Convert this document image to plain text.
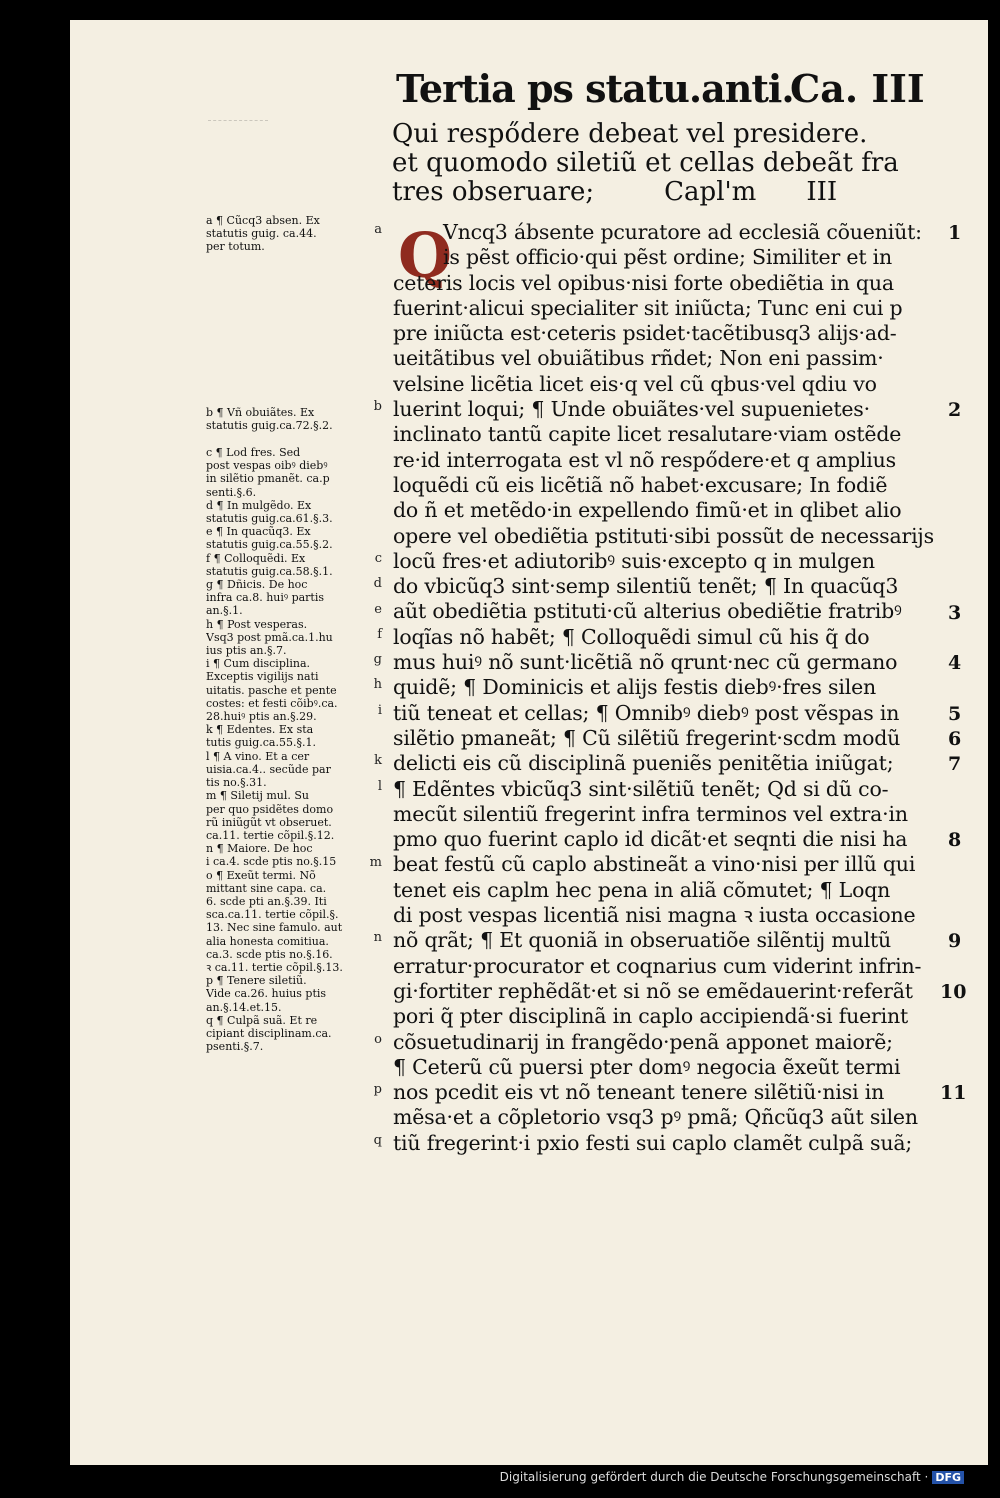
Tertia ps statu.anti.
Ca. III
Qui respődere debeat vel presidere.
et quomodo siletiũ et cellas debeãt fra
tres obseruare;	Capl'm III
Q
Vncq3 ábsente pcuratore ad ecclesiã cõueniũt:
is pẽst officio·qui pẽst ordine; Similiter et in
ceteris locis vel opibus·nisi forte obediẽtia in qua
fuerint·alicui specialiter sit iniũcta; Tunc eni cui p
pre iniũcta est·ceteris psidet·tacẽtibusq3 alijs·ad-
ueitãtibus vel obuiãtibus rñdet; Non eni passim·
velsine licẽtia licet eis·q vel cũ qbus·vel qdiu vo
luerint loqui; ¶ Unde obuiãtes·vel supuenietes·
inclinato tantũ capite licet resalutare·viam ostẽde
re·id interrogata est vl nõ respődere·et q amplius
loquẽdi cũ eis licẽtiã nõ habet·excusare; In fodiẽ
do ñ et metẽdo·in expellendo fimũ·et in qlibet alio
opere vel obediẽtia pstituti·sibi possũt de necessarijs
locũ fres·et adiutoribꝰ suis·excepto q in mulgen
do vbicũq3 sint·semp silentiũ tenẽt; ¶ In quacũq3
aũt obediẽtia pstituti·cũ alterius obediẽtie fratribꝰ
loqĩas nõ habẽt; ¶ Colloquẽdi simul cũ his q̃ do
mus huiꝰ nõ sunt·licẽtiã nõ qrunt·nec cũ germano
quidẽ; ¶ Dominicis et alijs festis diebꝰ·fres silen
tiũ teneat et cellas; ¶ Omnibꝰ diebꝰ post vẽspas in
silẽtio pmaneãt; ¶ Cũ silẽtiũ fregerint·scdm modũ
delicti eis cũ disciplinã pueniẽs penitẽtia iniũgat;
¶ Edẽntes vbicũq3 sint·silẽtiũ tenẽt; Qd si dũ co-
mecũt silentiũ fregerint infra terminos vel extra·in
pmo quo fuerint caplo id dicãt·et seqnti die nisi ha
beat festũ cũ caplo abstineãt a vino·nisi per illũ qui
tenet eis caplm hec pena in aliã cõmutet; ¶ Loqn
di post vespas licentiã nisi magna ꝛ iusta occasione
nõ qrãt; ¶ Et quoniã in obseruatiõe silẽntij multũ
erratur·procurator et coqnarius cum viderint infrin-
gi·fortiter rephẽdãt·et si nõ se emẽdauerint·referãt
pori q̃ pter disciplinã in caplo accipiendã·si fuerint
cõsuetudinarij in frangẽdo·penã apponet maiorẽ;
¶ Ceterũ cũ puersi pter domꝰ negocia ẽxeũt termi
nos pcedit eis vt nõ teneant tenere silẽtiũ·nisi in
mẽsa·et a cõpletorio vsq3 pꝰ pmã; Qñcũq3 aũt silen
tiũ fregerint·i pxio festi sui caplo clamẽt culpã suã;
a ¶ Cũcq3 absen. Ex
statutis guig. ca.44.
per totum.
b ¶ Vñ obuiãtes. Ex
statutis guig.ca.72.§.2.
c ¶ Lod fres. Sed
post vespas oibꝰ diebꝰ
in silẽtio pmanẽt. ca.p
senti.§.6.
d ¶ In mulgẽdo. Ex
statutis guig.ca.61.§.3.
e ¶ In quacũq3. Ex
statutis guig.ca.55.§.2.
f ¶ Colloquẽdi. Ex
statutis guig.ca.58.§.1.
g ¶ Dñicis. De hoc
infra ca.8. huiꝰ partis
an.§.1.
h ¶ Post vesperas.
Vsq3 post pmã.ca.1.hu
ius ptis an.§.7.
i ¶ Cum disciplina.
Exceptis vigilijs nati
uitatis. pasche et pente
costes: et festi cõibꝰ.ca.
28.huiꝰ ptis an.§.29.
k ¶ Edentes. Ex sta
tutis guig.ca.55.§.1.
l ¶ A vino. Et a cer
uisia.ca.4.. secũde par
tis no.§.31.
m ¶ Siletij mul. Su
per quo psidẽtes domo
rũ iniũgũt vt obseruet.
ca.11. tertie cõpil.§.12.
n ¶ Maiore. De hoc
i ca.4. scde ptis no.§.15
o ¶ Exeũt termi. Nõ
mittant sine capa. ca.
6. scde pti an.§.39. Iti
sca.ca.11. tertie cõpil.§.
13. Nec sine famulo. aut
alia honesta comitiua.
ca.3. scde ptis no.§.16.
ꝛ ca.11. tertie cõpil.§.13.
p ¶ Tenere siletiũ.
Vide ca.26. huius ptis
an.§.14.et.15.
q ¶ Culpã suã. Et re
cipiant disciplinam.ca.
psenti.§.7.
a
b
c
d
e
f
g
h
i
k
l
m
n
o
p
q
1
2
3
4
5
6
7
8
9
10
11
Digitalisierung gefördert durch die Deutsche Forschungsgemeinschaft · DFG
